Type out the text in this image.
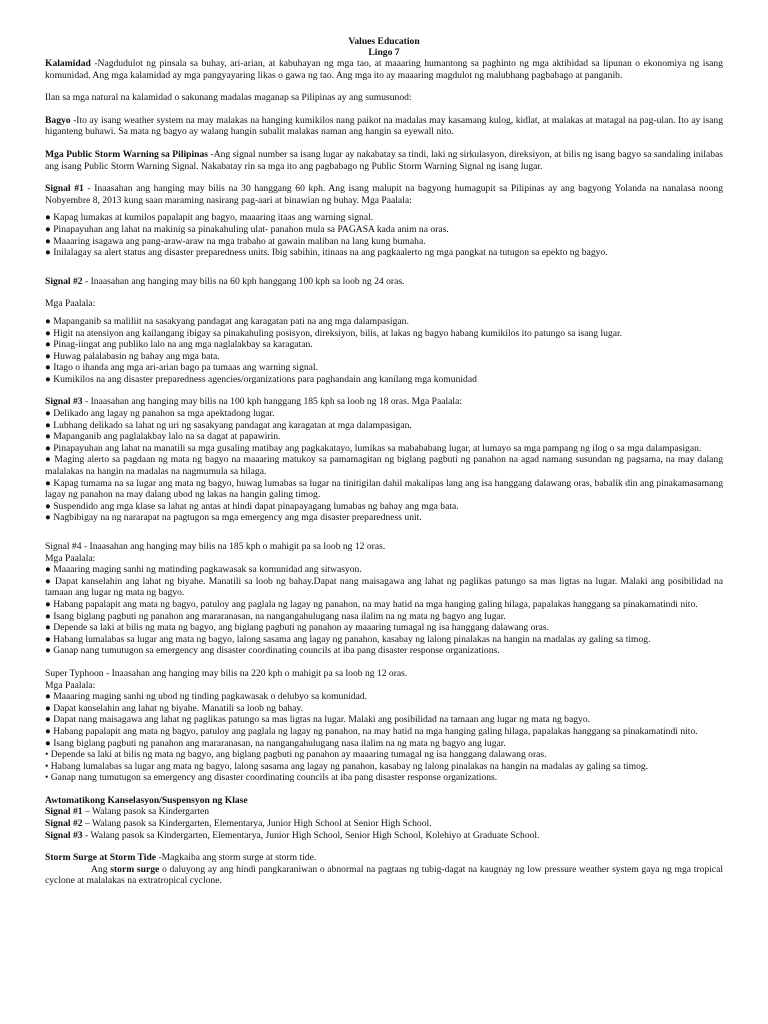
Values Education
Lingo 7

Kalamidad -Nagdudulot ng pinsala sa buhay, ari-arian, at kabuhayan ng mga tao, at maaaring humantong sa paghinto ng mga aktibidad sa lipunan o ekonomiya ng isang komunidad. Ang mga kalamidad ay mga pangyayaring likas o gawa ng tao. Ang mga ito ay maaaring magdulot ng malubhang pagbabago at panganib.

Ilan sa mga natural na kalamidad o sakunang madalas maganap sa Pilipinas ay ang sumusunod:

Bagyo -Ito ay isang weather system na may malakas na hanging kumikilos nang paikot na madalas may kasamang kulog, kidlat, at malakas at matagal na pag-ulan. Ito ay isang higanteng buhawi. Sa mata ng bagyo ay walang hangin subalit malakas naman ang hangin sa eyewall nito.

Mga Public Storm Warning sa Pilipinas -Ang signal number sa isang lugar ay nakabatay sa tindi, laki ng sirkulasyon, direksiyon, at bilis ng isang bagyo sa sandaling inilabas ang isang Public Storm Warning Signal. Nakabatay rin sa mga ito ang pagbabago ng Public Storm Warning Signal ng isang lugar.

Signal #1 - Inaasahan ang hanging may bilis na 30 hanggang 60 kph. Ang isang malupit na bagyong humagupit sa Pilipinas ay ang bagyong Yolanda na nanalasa noong Nobyembre 8, 2013 kung saan maraming nasirang pag-aari at binawian ng buhay. Mga Paalala:

● Kapag lumakas at kumilos papalapit ang bagyo, maaaring itaas ang warning signal.
● Pinapayuhan ang lahat na makinig sa pinakahuling ulat- panahon mula sa PAGASA kada anim na oras.
● Maaaring isagawa ang pang-araw-araw na mga trabaho at gawain maliban na lang kung bumaha.
● Inilalagay sa alert status ang disaster preparedness units. Ibig sabihin, itinaas na ang pagkaalerto ng mga pangkat na tutugon sa epekto ng bagyo.

Signal #2 - Inaasahan ang hanging may bilis na 60 kph hanggang 100 kph sa loob ng 24 oras.

Mga Paalala:

● Mapanganib sa maliliit na sasakyang pandagat ang karagatan pati na ang mga dalampasigan.
● Higit na atensiyon ang kailangang ibigay sa pinakahuling posisyon, direksiyon, bilis, at lakas ng bagyo habang kumikilos ito patungo sa isang lugar.
● Pinag-iingat ang publiko lalo na ang mga naglalakbay sa karagatan.
● Huwag palalabasin ng bahay ang mga bata.
● Itago o ihanda ang mga ari-arian bago pa tumaas ang warning signal.
● Kumikilos na ang disaster preparedness agencies/organizations para paghandain ang kanilang mga komunidad

Signal #3 - Inaasahan ang hanging may bilis na 100 kph hanggang 185 kph sa loob ng 18 oras. Mga Paalala:

● Delikado ang lagay ng panahon sa mga apektadong lugar.
● Lubhang delikado sa lahat ng uri ng sasakyang pandagat ang karagatan at mga dalampasigan.
● Mapanganib ang paglalakbay lalo na sa dagat at papawirin.
● Pinapayuhan ang lahat na manatili sa mga gusaling matibay ang pagkakatayo, lumikas sa mabababang lugar, at lumayo sa mga pampang ng ilog o sa mga dalampasigan.
● Maging alerto sa pagdaan ng mata ng bagyo na maaaring matukoy sa pamamagitan ng biglang pagbuti ng panahon na agad namang susundan ng pagsama, na may dalang malalakas na hangin na madalas na nagmumula sa hilaga.
● Kapag tumama na sa lugar ang mata ng bagyo, huwag lumabas sa lugar na tinitigilan dahil makalipas lang ang isa hanggang dalawang oras, babalik din ang pinakamasamang lagay ng panahon na may dalang ubod ng lakas na hangin galing timog.
● Suspendido ang mga klase sa lahat ng antas at hindi dapat pinapayagang lumabas ng bahay ang mga bata.
● Nagbibigay na ng nararapat na pagtugon sa mga emergency ang mga disaster preparedness unit.

Signal #4 - Inaasahan ang hanging may bilis na 185 kph o mahigit pa sa loob ng 12 oras.

Mga Paalala:

● Maaaring maging sanhi ng matinding pagkawasak sa komunidad ang sitwasyon.
● Dapat kanselahin ang lahat ng biyahe. Manatili sa loob ng bahay.Dapat nang maisagawa ang lahat ng paglikas patungo sa mas ligtas na lugar. Malaki ang posibilidad na tamaan ang lugar ng mata ng bagyo.
● Habang papalapit ang mata ng bagyo, patuloy ang paglala ng lagay ng panahon, na may hatid na mga hanging galing hilaga, papalakas hanggang sa pinakamatindi nito.
● Isang biglang pagbuti ng panahon ang mararanasan, na nangangahulugang nasa ilalim na ng mata ng bagyo ang lugar.
● Depende sa laki at bilis ng mata ng bagyo, ang biglang pagbuti ng panahon ay maaaring tumagal ng isa hanggang dalawang oras.
● Habang lumalabas sa lugar ang mata ng bagyo, lalong sasama ang lagay ng panahon, kasabay ng lalong pinalakas na hangin na madalas ay galing sa timog.
● Ganap nang tumutugon sa emergency ang disaster coordinating councils at iba pang disaster response organizations.

Super Typhoon - Inaasahan ang hanging may bilis na 220 kph o mahigit pa sa loob ng 12 oras.

Mga Paalala:

● Maaaring maging sanhi ng ubod ng tinding pagkawasak o delubyo sa komunidad.
● Dapat kanselahin ang lahat ng biyahe. Manatili sa loob ng bahay.
● Dapat nang maisagawa ang lahat ng paglikas patungo sa mas ligtas na lugar. Malaki ang posibilidad na tamaan ang lugar ng mata ng bagyo.
● Habang papalapit ang mata ng bagyo, patuloy ang paglala ng lagay ng panahon, na may hatid na mga hanging galing hilaga, papalakas hanggang sa pinakamatindi nito.
● Isang biglang pagbuti ng panahon ang mararanasan, na nangangahulugang nasa ilalim na ng mata ng bagyo ang lugar.
• Depende sa laki at bilis ng mata ng bagyo, ang biglang pagbuti ng panahon ay maaaring tumagal ng isa hanggang dalawang oras.
• Habang lumalabas sa lugar ang mata ng bagyo, lalong sasama ang lagay ng panahon, kasabay ng lalong pinalakas na hangin na madalas ay galing sa timog.
• Ganap nang tumutugon sa emergency ang disaster coordinating councils at iba pang disaster response organizations.

Awtomatikong Kanselasyon/Suspensyon ng Klase

Signal #1 – Walang pasok sa Kindergarten

Signal #2 – Walang pasok sa Kindergarten, Elementarya, Junior High School at Senior High School.

Signal #3 - Walang pasok sa Kindergarten, Elementarya, Junior High School, Senior High School, Kolehiyo at Graduate School.

Storm Surge at Storm Tide -Magkaiba ang storm surge at storm tide.

Ang storm surge o daluyong ay ang hindi pangkaraniwan o abnormal na pagtaas ng tubig-dagat na kaugnay ng low pressure weather system gaya ng mga tropical cyclone at malalakas na extratropical cyclone.
